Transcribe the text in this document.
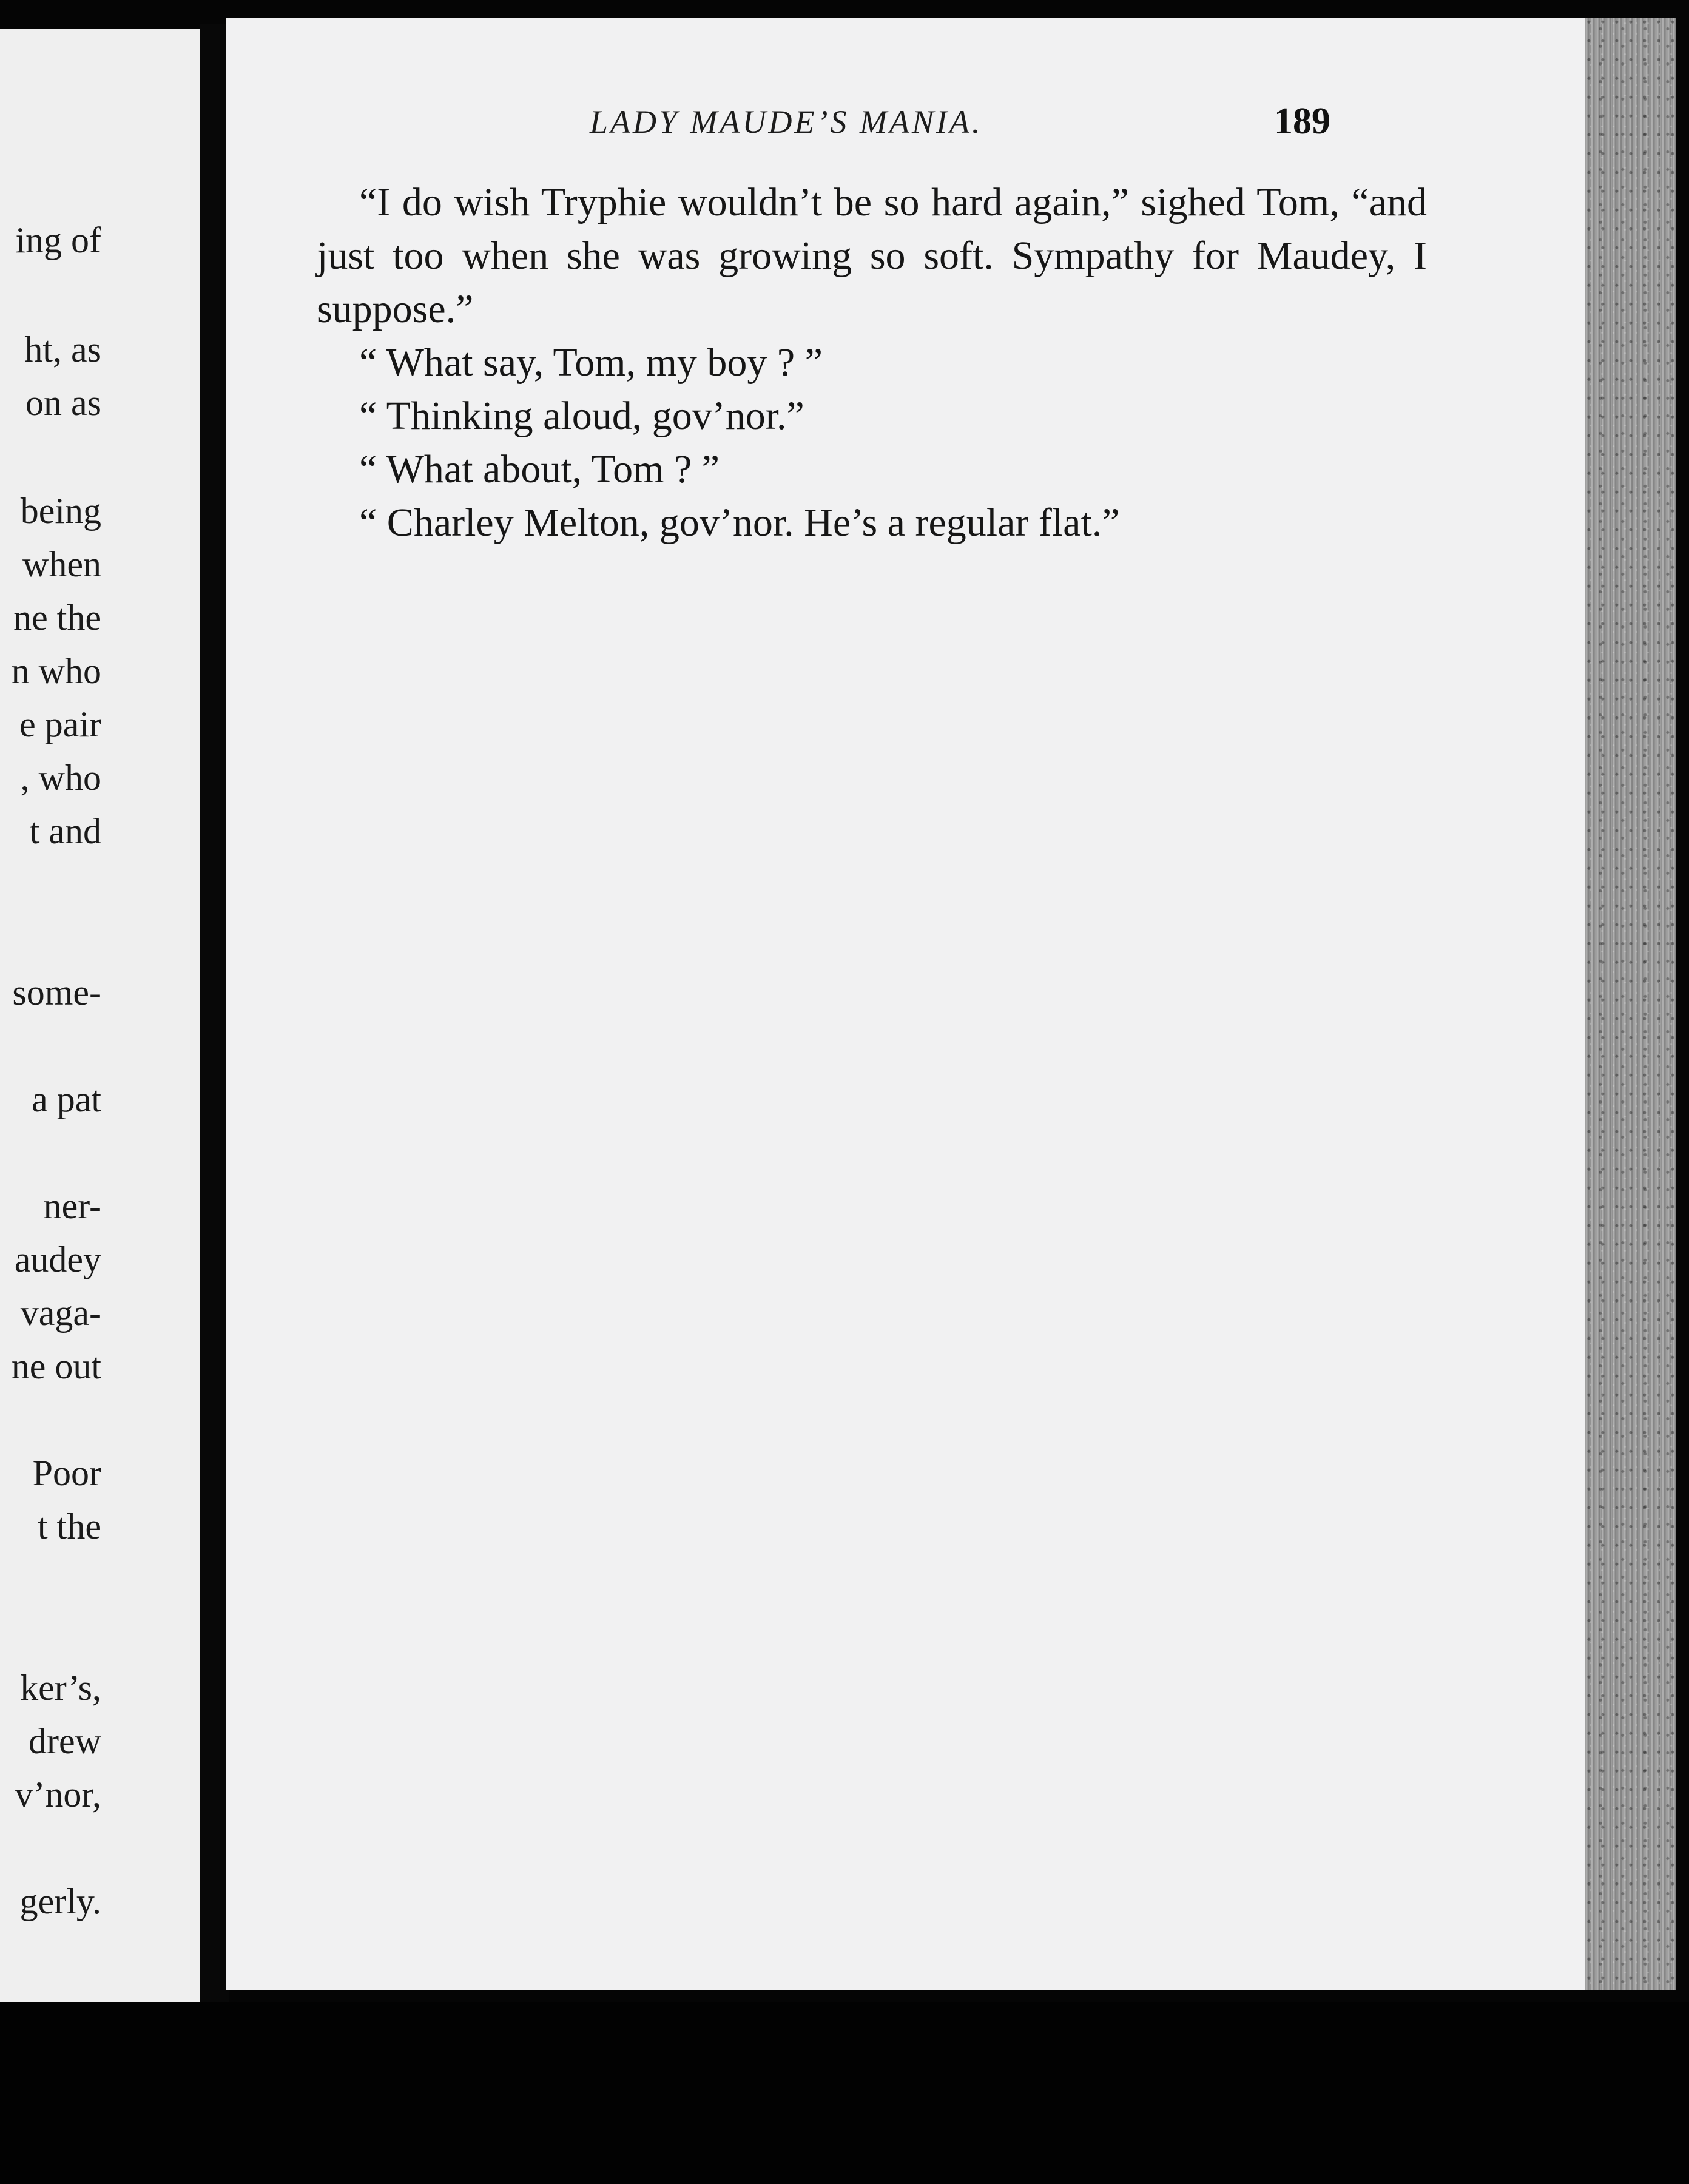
ing of
ht, as
on as
being
when
ne the
n who
e pair
, who
t and
some-
a pat
ner-
audey
vaga-
ne out
Poor
t the
ker’s,
drew
v’nor,
gerly.
LADY MAUDE’S MANIA.	189

“I do wish Tryphie wouldn’t be so hard again,” sighed Tom, “and just too when she was growing so soft. Sympathy for Maudey, I suppose.”

“ What say, Tom, my boy ? ”

“ Thinking aloud, gov’nor.”

“ What about, Tom ? ”

“ Charley Melton, gov’nor. He’s a regular flat.”
